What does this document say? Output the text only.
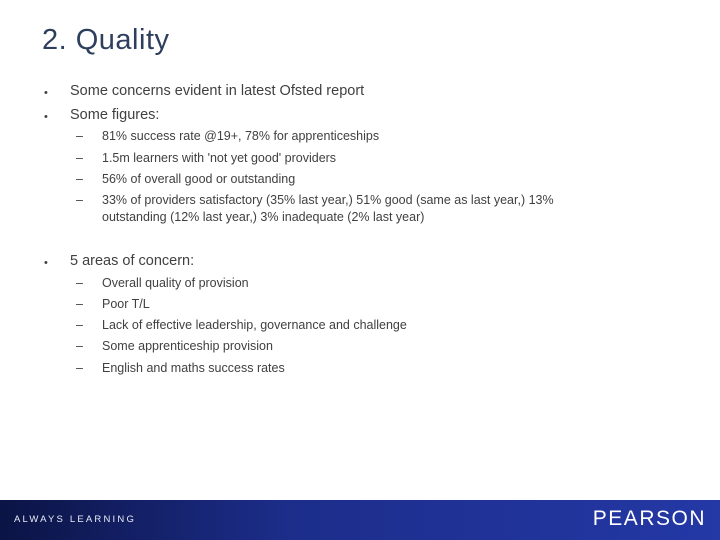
2. Quality
• Some concerns evident in latest Ofsted report
• Some figures:
– 81% success rate @19+, 78% for apprenticeships
– 1.5m learners with 'not yet good' providers
– 56% of overall good or outstanding
– 33% of providers satisfactory (35% last year,) 51% good (same as last year,) 13%
outstanding (12% last year,) 3% inadequate (2% last year)
• 5 areas of concern:
– Overall quality of provision
– Poor T/L
– Lack of effective leadership, governance and challenge
– Some apprenticeship provision
– English and maths success rates
ALWAYS LEARNING	PEARSON
